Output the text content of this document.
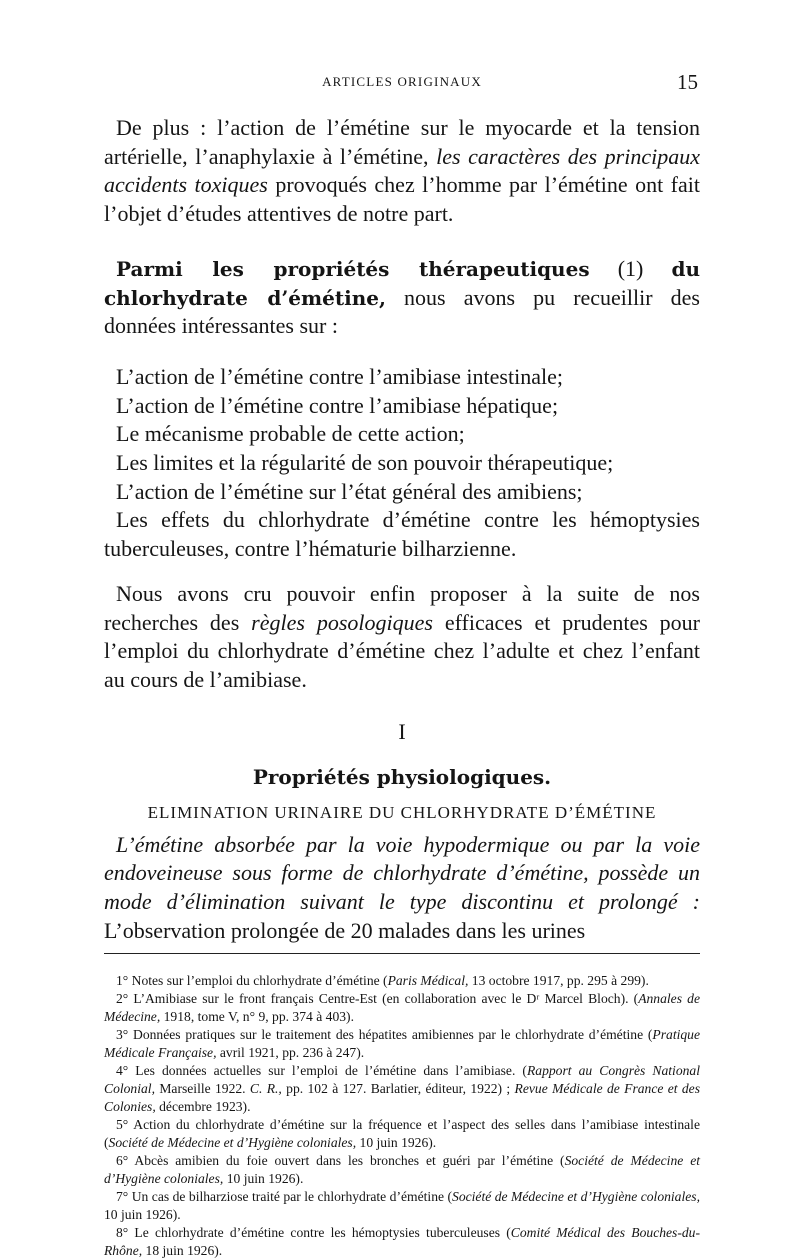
ARTICLES ORIGINAUX	15

De plus : l’action de l’émétine sur le myocarde et la tension artérielle, l’anaphylaxie à l’émétine, les caractères des principaux accidents toxiques provoqués chez l’homme par l’émétine ont fait l’objet d’études attentives de notre part.

Parmi les propriétés thérapeutiques (1) du chlorhydrate d’émétine, nous avons pu recueillir des données intéressantes sur :

L’action de l’émétine contre l’amibiase intestinale;
L’action de l’émétine contre l’amibiase hépatique;
Le mécanisme probable de cette action;
Les limites et la régularité de son pouvoir thérapeutique;
L’action de l’émétine sur l’état général des amibiens;
Les effets du chlorhydrate d’émétine contre les hémoptysies tuberculeuses, contre l’hématurie bilharzienne.

Nous avons cru pouvoir enfin proposer à la suite de nos recherches des règles posologiques efficaces et prudentes pour l’emploi du chlorhydrate d’émétine chez l’adulte et chez l’enfant au cours de l’amibiase.

I
Propriétés physiologiques.
ELIMINATION URINAIRE DU CHLORHYDRATE D’ÉMÉTINE

L’émétine absorbée par la voie hypodermique ou par la voie endoveineuse sous forme de chlorhydrate d’émétine, possède un mode d’élimination suivant le type discontinu et prolongé : L’observation prolongée de 20 malades dans les urines

1° Notes sur l’emploi du chlorhydrate d’émétine (Paris Médical, 13 octobre 1917, pp. 295 à 299).

2° L’Amibiase sur le front français Centre-Est (en collaboration avec le Dʳ Marcel Bloch). (Annales de Médecine, 1918, tome V, n° 9, pp. 374 à 403).

3° Données pratiques sur le traitement des hépatites amibiennes par le chlorhydrate d’émétine (Pratique Médicale Française, avril 1921, pp. 236 à 247).

4° Les données actuelles sur l’emploi de l’émétine dans l’amibiase. (Rapport au Congrès National Colonial, Marseille 1922. C. R., pp. 102 à 127. Barlatier, éditeur, 1922) ; Revue Médicale de France et des Colonies, décembre 1923).

5° Action du chlorhydrate d’émétine sur la fréquence et l’aspect des selles dans l’amibiase intestinale (Société de Médecine et d’Hygiène coloniales, 10 juin 1926).

6° Abcès amibien du foie ouvert dans les bronches et guéri par l’émétine (Société de Médecine et d’Hygiène coloniales, 10 juin 1926).

7° Un cas de bilharziose traité par le chlorhydrate d’émétine (Société de Médecine et d’Hygiène coloniales, 10 juin 1926).

8° Le chlorhydrate d’émétine contre les hémoptysies tuberculeuses (Comité Médical des Bouches-du-Rhône, 18 juin 1926).
